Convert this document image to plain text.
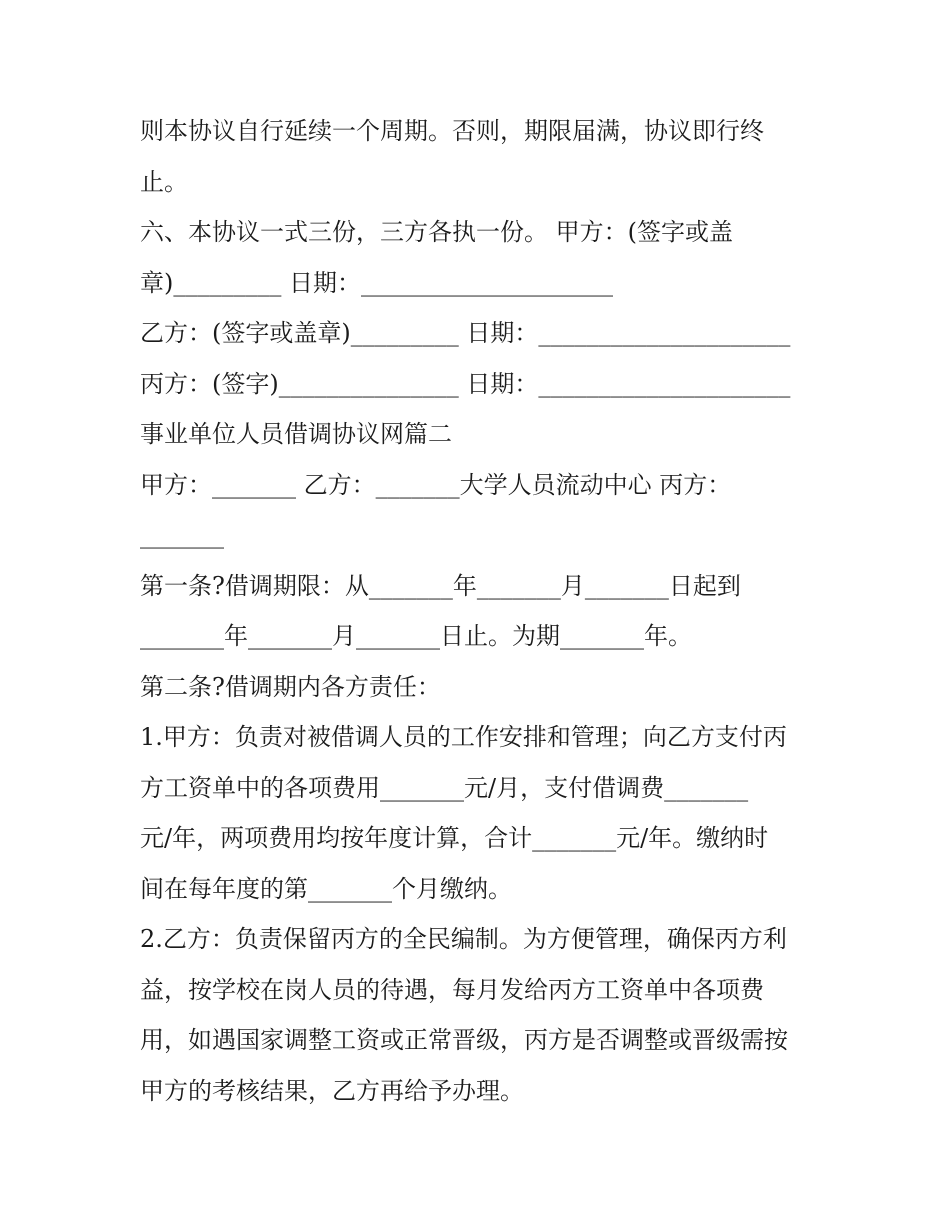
则本协议自行延续一个周期。否则，期限届满，协议即行终
止。
六、本协议一式三份，三方各执一份。 甲方：(签字或盖
章)_________ 日期：_____________________
乙方：(签字或盖章)_________ 日期：_____________________
丙方：(签字)_______________ 日期：_____________________
事业单位人员借调协议网篇二
甲方：_______ 乙方：_______大学人员流动中心 丙方：
_______
第一条?借调期限：从_______年_______月_______日起到
_______年_______月_______日止。为期_______年。
第二条?借调期内各方责任：
1.甲方：负责对被借调人员的工作安排和管理；向乙方支付丙
方工资单中的各项费用_______元/月，支付借调费_______
元/年，两项费用均按年度计算，合计_______元/年。缴纳时
间在每年度的第_______个月缴纳。
2.乙方：负责保留丙方的全民编制。为方便管理，确保丙方利
益，按学校在岗人员的待遇，每月发给丙方工资单中各项费
用，如遇国家调整工资或正常晋级，丙方是否调整或晋级需按
甲方的考核结果，乙方再给予办理。
